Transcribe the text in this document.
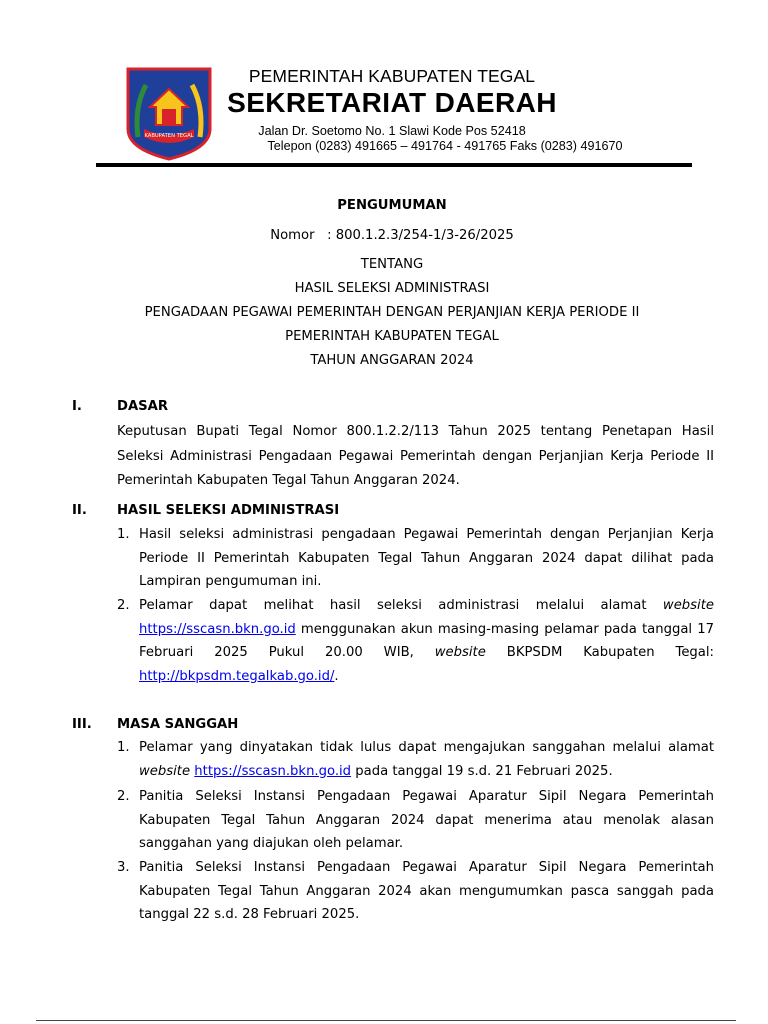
KABUPATEN TEGAL
PEMERINTAH KABUPATEN TEGAL
SEKRETARIAT DAERAH
Jalan Dr. Soetomo No. 1 Slawi Kode Pos 52418
Telepon (0283) 491665 – 491764 - 491765 Faks (0283) 491670
PENGUMUMAN
Nomor   : 800.1.2.3/254-1/3-26/2025
TENTANG
HASIL SELEKSI ADMINISTRASI
PENGADAAN PEGAWAI PEMERINTAH DENGAN PERJANJIAN KERJA PERIODE II
PEMERINTAH KABUPATEN TEGAL
TAHUN ANGGARAN 2024
I.	DASAR
Keputusan Bupati Tegal Nomor 800.1.2.2/113 Tahun 2025 tentang Penetapan Hasil Seleksi Administrasi Pengadaan Pegawai Pemerintah dengan Perjanjian Kerja Periode II Pemerintah Kabupaten Tegal Tahun Anggaran 2024.
II. HASIL SELEKSI ADMINISTRASI
1. Hasil seleksi administrasi pengadaan Pegawai Pemerintah dengan Perjanjian Kerja Periode II Pemerintah Kabupaten Tegal Tahun Anggaran 2024 dapat dilihat pada Lampiran pengumuman ini.
2. Pelamar dapat melihat hasil seleksi administrasi melalui alamat website https://sscasn.bkn.go.id menggunakan akun masing-masing pelamar pada tanggal 17 Februari 2025 Pukul 20.00 WIB, website BKPSDM Kabupaten Tegal: http://bkpsdm.tegalkab.go.id/.
III. MASA SANGGAH
1. Pelamar yang dinyatakan tidak lulus dapat mengajukan sanggahan melalui alamat website https://sscasn.bkn.go.id pada tanggal 19 s.d. 21 Februari 2025.
2. Panitia Seleksi Instansi Pengadaan Pegawai Aparatur Sipil Negara Pemerintah Kabupaten Tegal Tahun Anggaran 2024 dapat menerima atau menolak alasan sanggahan yang diajukan oleh pelamar.
3. Panitia Seleksi Instansi Pengadaan Pegawai Aparatur Sipil Negara Pemerintah Kabupaten Tegal Tahun Anggaran 2024 akan mengumumkan pasca sanggah pada tanggal 22 s.d. 28 Februari 2025.
